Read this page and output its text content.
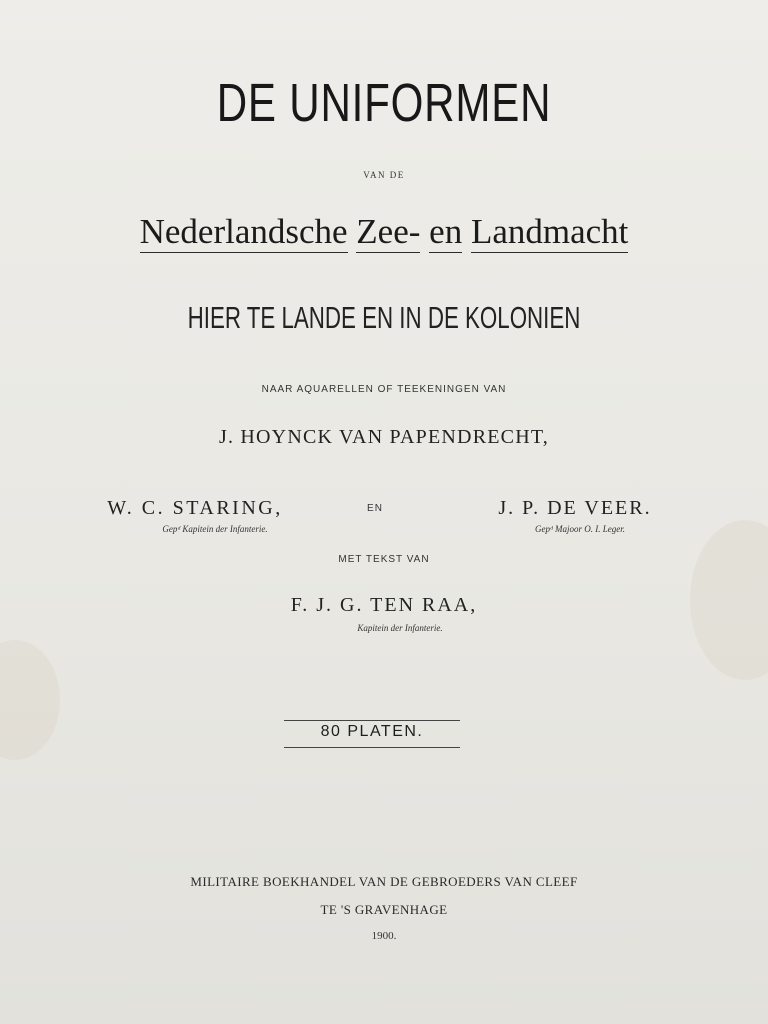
DE UNIFORMEN
VAN DE
Nederlandsche Zee- en Landmacht
HIER TE LANDE EN IN DE KOLONIEN
NAAR AQUARELLEN OF TEEKENINGEN VAN
J. HOYNCK VAN PAPENDRECHT,
W. C. STARING,
Gepᵈ Kapitein der Infanterie.
EN	J. P. DE VEER.
Gepᵈ Majoor O. I. Leger.
MET TEKST VAN
F. J. G. TEN RAA,
Kapitein der Infanterie.
80 PLATEN.
MILITAIRE BOEKHANDEL VAN DE GEBROEDERS VAN CLEEF
TE 'S GRAVENHAGE
1900.
